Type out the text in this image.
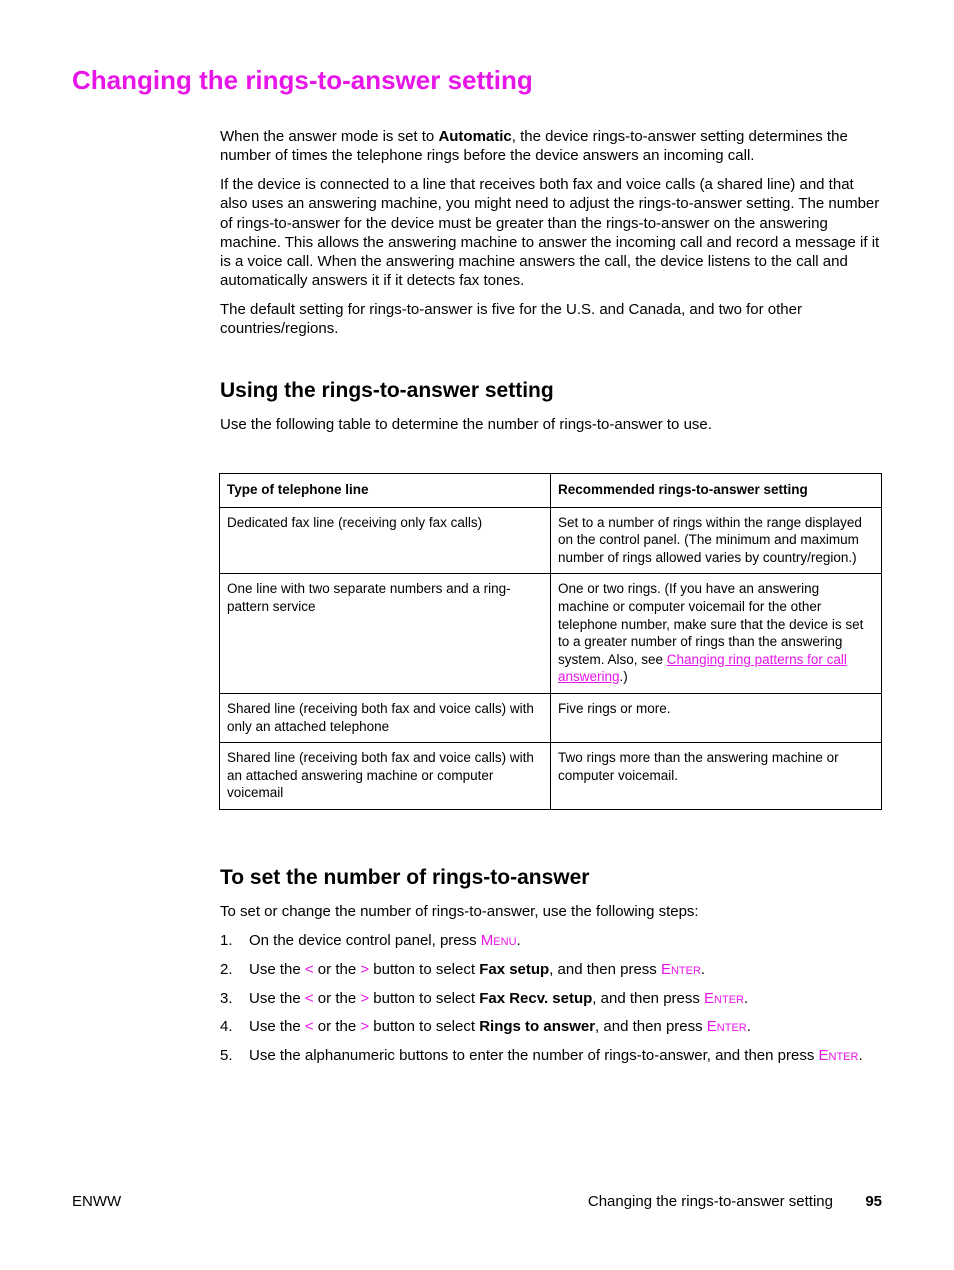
Changing the rings-to-answer setting

When the answer mode is set to Automatic, the device rings-to-answer setting determines the number of times the telephone rings before the device answers an incoming call.

If the device is connected to a line that receives both fax and voice calls (a shared line) and that also uses an answering machine, you might need to adjust the rings-to-answer setting. The number of rings-to-answer for the device must be greater than the rings-to-answer on the answering machine. This allows the answering machine to answer the incoming call and record a message if it is a voice call. When the answering machine answers the call, the device listens to the call and automatically answers it if it detects fax tones.

The default setting for rings-to-answer is five for the U.S. and Canada, and two for other countries/regions.

Using the rings-to-answer setting

Use the following table to determine the number of rings-to-answer to use.

Type of telephone line	Recommended rings-to-answer setting
Dedicated fax line (receiving only fax calls)	Set to a number of rings within the range displayed on the control panel. (The minimum and maximum number of rings allowed varies by country/region.)
One line with two separate numbers and a ring-pattern service	One or two rings. (If you have an answering machine or computer voicemail for the other telephone number, make sure that the device is set to a greater number of rings than the answering system. Also, see Changing ring patterns for call answering.)
Shared line (receiving both fax and voice calls) with only an attached telephone	Five rings or more.
Shared line (receiving both fax and voice calls) with an attached answering machine or computer voicemail	Two rings more than the answering machine or computer voicemail.
To set the number of rings-to-answer

To set or change the number of rings-to-answer, use the following steps:

1. On the device control panel, press Menu.
2. Use the < or the > button to select Fax setup, and then press Enter.
3. Use the < or the > button to select Fax Recv. setup, and then press Enter.
4. Use the < or the > button to select Rings to answer, and then press Enter.
5. Use the alphanumeric buttons to enter the number of rings-to-answer, and then press Enter.
ENWW	Changing the rings-to-answer setting 95
